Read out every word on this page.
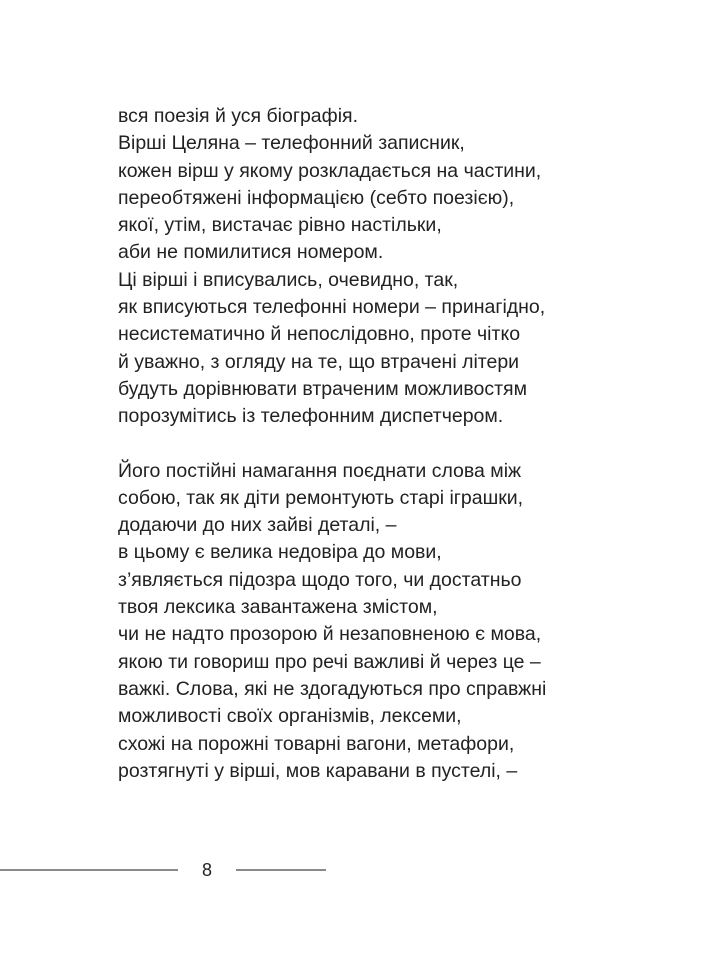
вся поезія й уся біографія.
Вірші Целяна – телефонний записник,
кожен вірш у якому розкладається на частини,
переобтяжені інформацією (себто поезією),
якої, утім, вистачає рівно настільки,
аби не помилитися номером.
Ці вірші і вписувались, очевидно, так,
як вписуються телефонні номери – принагідно,
несистематично й непослідовно, проте чітко
й уважно, з огляду на те, що втрачені літери
будуть дорівнювати втраченим можливостям
порозумітись із телефонним диспетчером.
Його постійні намагання поєднати слова між
собою, так як діти ремонтують старі іграшки,
додаючи до них зайві деталі, –
в цьому є велика недовіра до мови,
з’являється підозра щодо того, чи достатньо
твоя лексика завантажена змістом,
чи не надто прозорою й незаповненою є мова,
якою ти говориш про речі важливі й через це –
важкі. Слова, які не здогадуються про справжні
можливості своїх організмів, лексеми,
схожі на порожні товарні вагони, метафори,
розтягнуті у вірші, мов каравани в пустелі, –
8
